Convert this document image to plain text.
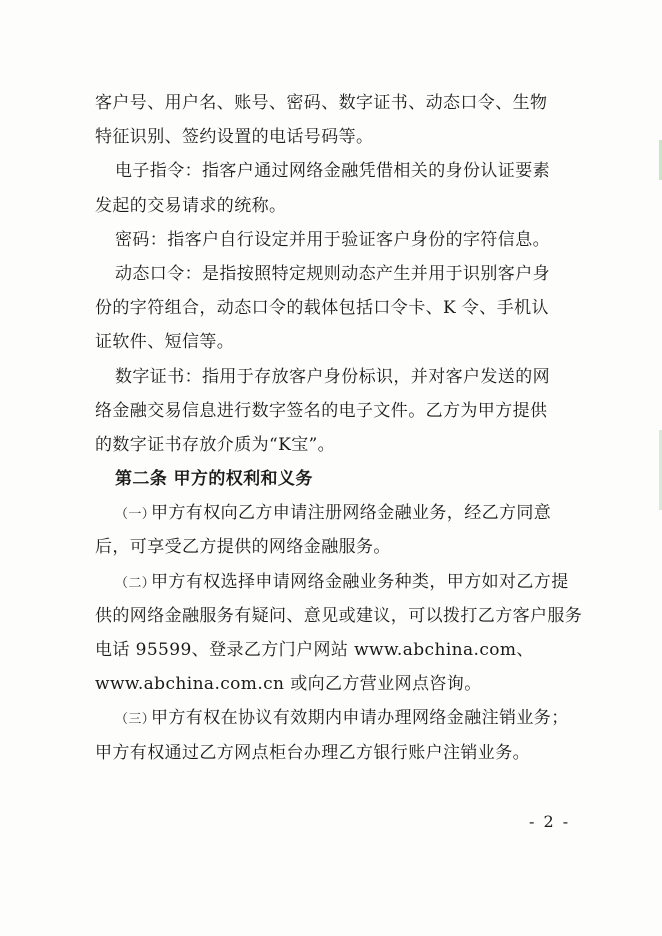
客户号、用户名、账号、密码、数字证书、动态口令、生物
特征识别、签约设置的电话号码等。
电子指令：指客户通过网络金融凭借相关的身份认证要素
发起的交易请求的统称。
密码：指客户自行设定并用于验证客户身份的字符信息。
动态口令：是指按照特定规则动态产生并用于识别客户身
份的字符组合，动态口令的载体包括口令卡、K 令、手机认
证软件、短信等。
数字证书：指用于存放客户身份标识，并对客户发送的网
络金融交易信息进行数字签名的电子文件。乙方为甲方提供
的数字证书存放介质为“K宝”。
第二条 甲方的权利和义务
（一）甲方有权向乙方申请注册网络金融业务，经乙方同意
后，可享受乙方提供的网络金融服务。
（二）甲方有权选择申请网络金融业务种类，甲方如对乙方提
供的网络金融服务有疑问、意见或建议，可以拨打乙方客户服务
电话 95599、登录乙方门户网站 www.abchina.com、
www.abchina.com.cn 或向乙方营业网点咨询。
（三）甲方有权在协议有效期内申请办理网络金融注销业务；
甲方有权通过乙方网点柜台办理乙方银行账户注销业务。
- 2 -
